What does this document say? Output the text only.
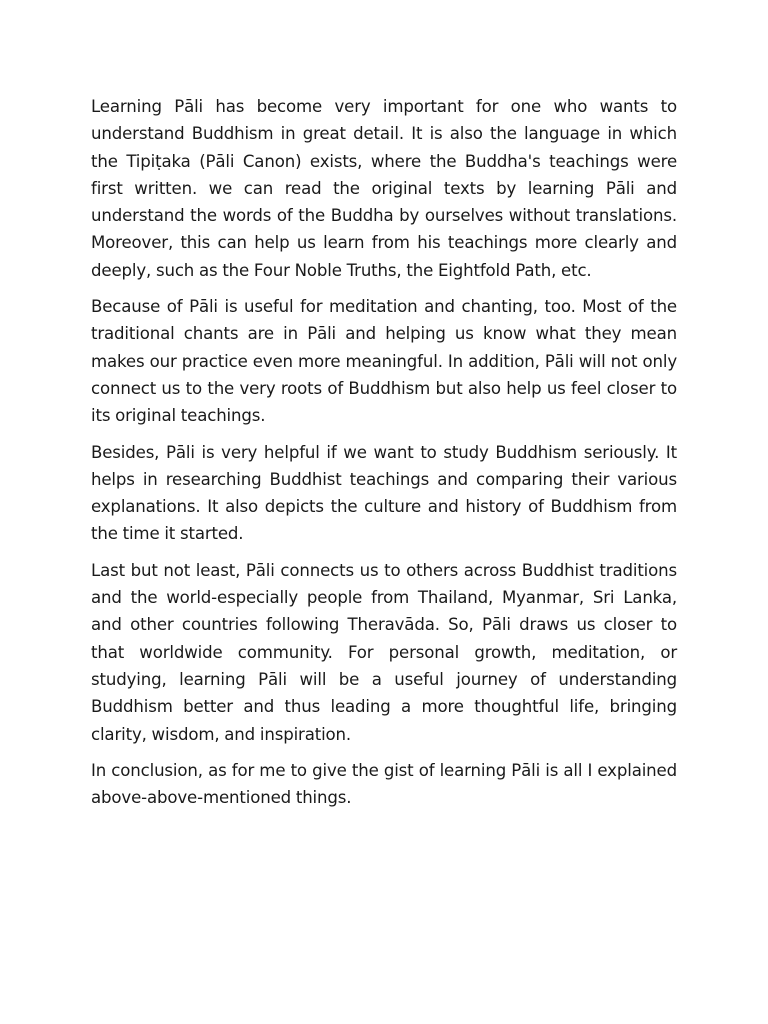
Learning Pāli has become very important for one who wants to understand Buddhism in great detail. It is also the language in which the Tipiṭaka (Pāli Canon) exists, where the Buddha's teachings were first written. we can read the original texts by learning Pāli and understand the words of the Buddha by ourselves without translations. Moreover, this can help us learn from his teachings more clearly and deeply, such as the Four Noble Truths, the Eightfold Path, etc.

Because of Pāli is useful for meditation and chanting, too. Most of the traditional chants are in Pāli and helping us know what they mean makes our practice even more meaningful. In addition, Pāli will not only connect us to the very roots of Buddhism but also help us feel closer to its original teachings.

Besides, Pāli is very helpful if we want to study Buddhism seriously. It helps in researching Buddhist teachings and comparing their various explanations. It also depicts the culture and history of Buddhism from the time it started.

Last but not least, Pāli connects us to others across Buddhist traditions and the world-especially people from Thailand, Myanmar, Sri Lanka, and other countries following Theravāda. So, Pāli draws us closer to that worldwide community. For personal growth, meditation, or studying, learning Pāli will be a useful journey of understanding Buddhism better and thus leading a more thoughtful life, bringing clarity, wisdom, and inspiration.

In conclusion, as for me to give the gist of learning Pāli is all I explained above-above-mentioned things.
